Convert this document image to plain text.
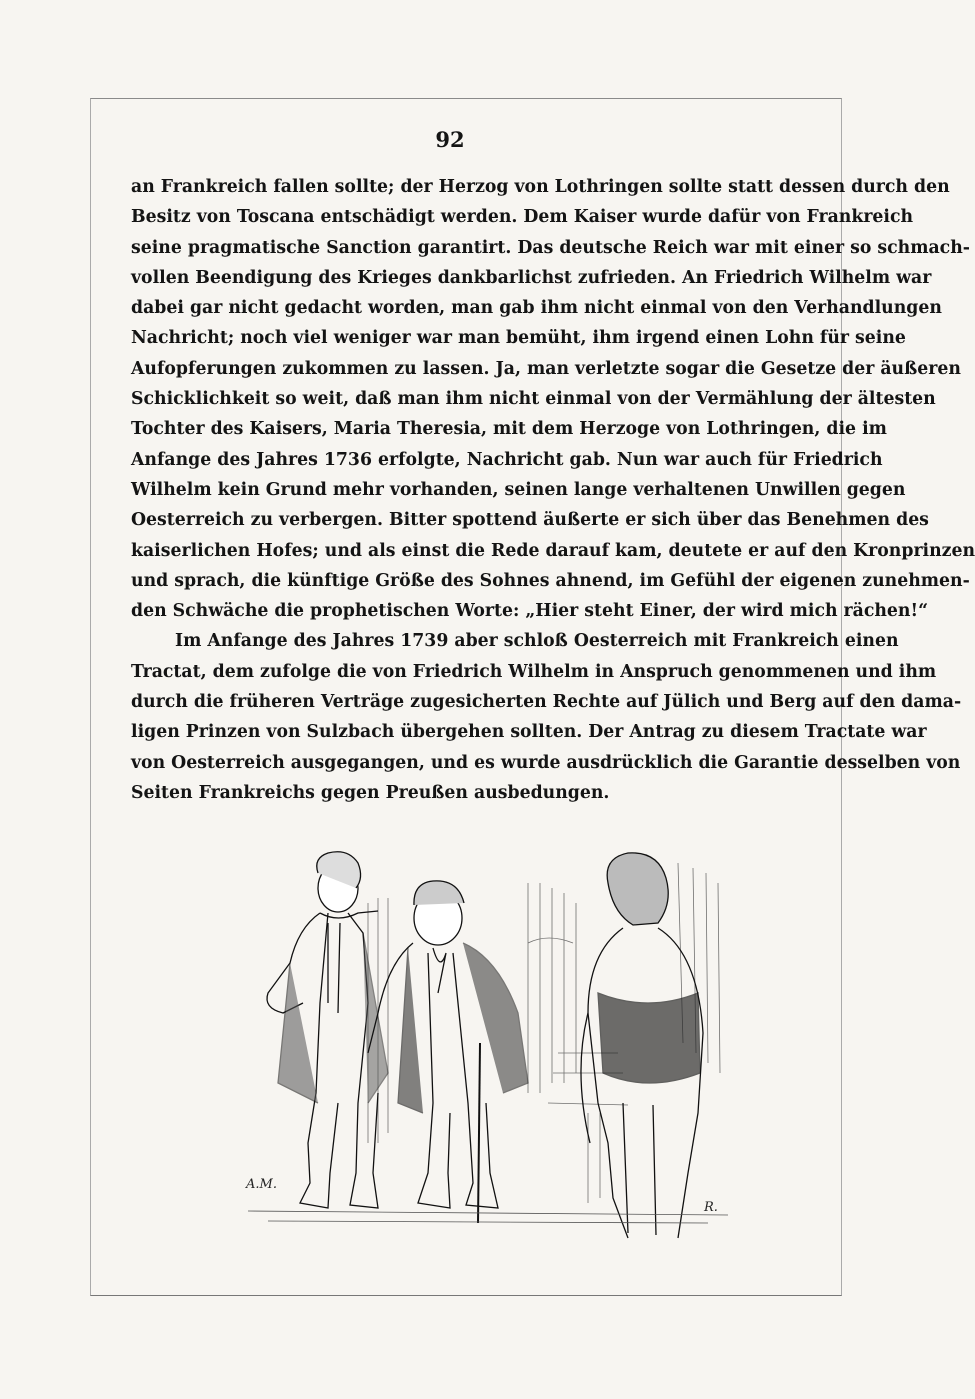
92
an Frankreich fallen sollte; der Herzog von Lothringen sollte statt dessen durch den
Besitz von Toscana entschädigt werden. Dem Kaiser wurde dafür von Frankreich
seine pragmatische Sanction garantirt. Das deutsche Reich war mit einer so schmach-
vollen Beendigung des Krieges dankbarlichst zufrieden. An Friedrich Wilhelm war
dabei gar nicht gedacht worden, man gab ihm nicht einmal von den Verhandlungen
Nachricht; noch viel weniger war man bemüht, ihm irgend einen Lohn für seine
Aufopferungen zukommen zu lassen. Ja, man verletzte sogar die Gesetze der äußeren
Schicklichkeit so weit, daß man ihm nicht einmal von der Vermählung der ältesten
Tochter des Kaisers, Maria Theresia, mit dem Herzoge von Lothringen, die im
Anfange des Jahres 1736 erfolgte, Nachricht gab. Nun war auch für Friedrich
Wilhelm kein Grund mehr vorhanden, seinen lange verhaltenen Unwillen gegen
Oesterreich zu verbergen. Bitter spottend äußerte er sich über das Benehmen des
kaiserlichen Hofes; und als einst die Rede darauf kam, deutete er auf den Kronprinzen
und sprach, die künftige Größe des Sohnes ahnend, im Gefühl der eigenen zunehmen-
den Schwäche die prophetischen Worte: „Hier steht Einer, der wird mich rächen!“
Im Anfange des Jahres 1739 aber schloß Oesterreich mit Frankreich einen
Tractat, dem zufolge die von Friedrich Wilhelm in Anspruch genommenen und ihm
durch die früheren Verträge zugesicherten Rechte auf Jülich und Berg auf den dama-
ligen Prinzen von Sulzbach übergehen sollten. Der Antrag zu diesem Tractate war
von Oesterreich ausgegangen, und es wurde ausdrücklich die Garantie desselben von
Seiten Frankreichs gegen Preußen ausbedungen.
A.M.
R.
